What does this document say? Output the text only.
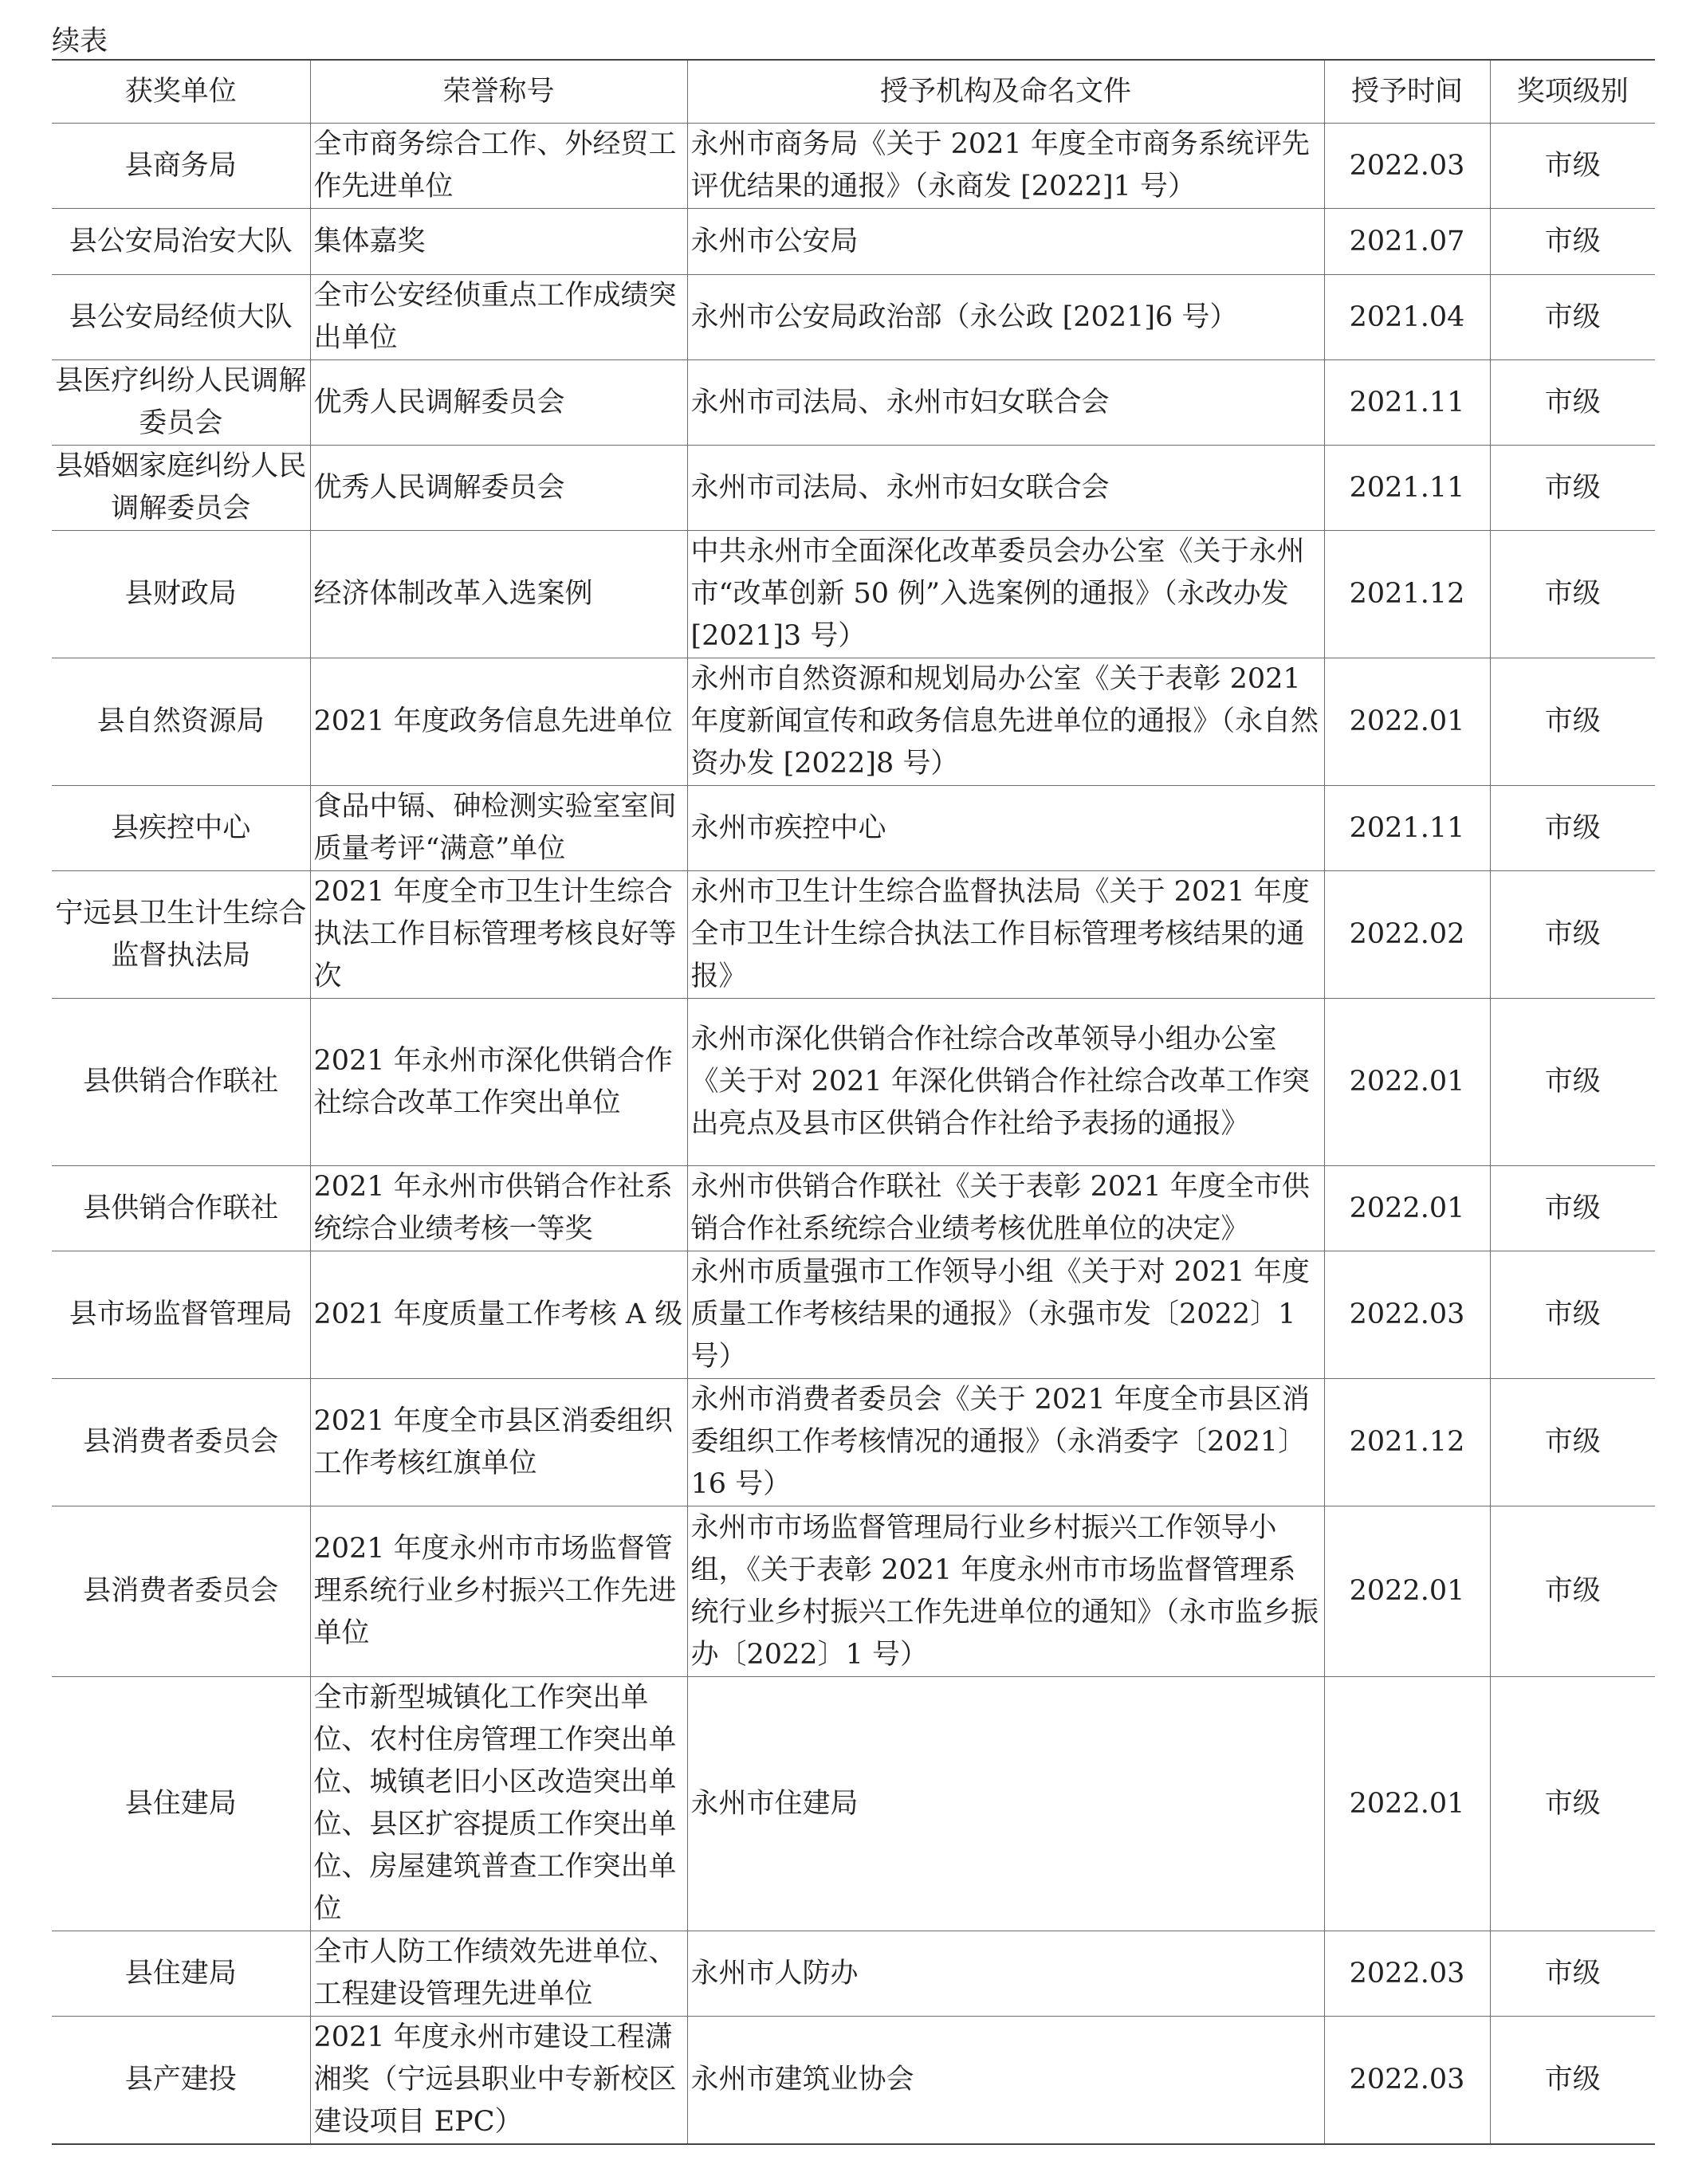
续表
获奖单位	荣誉称号	授予机构及命名文件	授予时间	奖项级别
县商务局	全市商务综合工作、外经贸工作先进单位	永州市商务局《关于 2021 年度全市商务系统评先评优结果的通报》（永商发 [2022]1 号）	2022.03	市级
县公安局治安大队	集体嘉奖	永州市公安局	2021.07	市级
县公安局经侦大队	全市公安经侦重点工作成绩突出单位	永州市公安局政治部（永公政 [2021]6 号）	2021.04	市级
县医疗纠纷人民调解委员会	优秀人民调解委员会	永州市司法局、永州市妇女联合会	2021.11	市级
县婚姻家庭纠纷人民调解委员会	优秀人民调解委员会	永州市司法局、永州市妇女联合会	2021.11	市级
县财政局	经济体制改革入选案例	中共永州市全面深化改革委员会办公室《关于永州市“改革创新 50 例”入选案例的通报》（永改办发 [2021]3 号）	2021.12	市级
县自然资源局	2021 年度政务信息先进单位	永州市自然资源和规划局办公室《关于表彰 2021 年度新闻宣传和政务信息先进单位的通报》（永自然资办发 [2022]8 号）	2022.01	市级
县疾控中心	食品中镉、砷检测实验室室间质量考评“满意”单位	永州市疾控中心	2021.11	市级
宁远县卫生计生综合监督执法局	2021 年度全市卫生计生综合执法工作目标管理考核良好等次	永州市卫生计生综合监督执法局《关于 2021 年度全市卫生计生综合执法工作目标管理考核结果的通报》	2022.02	市级
县供销合作联社	2021 年永州市深化供销合作社综合改革工作突出单位	永州市深化供销合作社综合改革领导小组办公室《关于对 2021 年深化供销合作社综合改革工作突出亮点及县市区供销合作社给予表扬的通报》	2022.01	市级
县供销合作联社	2021 年永州市供销合作社系统综合业绩考核一等奖	永州市供销合作联社《关于表彰 2021 年度全市供销合作社系统综合业绩考核优胜单位的决定》	2022.01	市级
县市场监督管理局	2021 年度质量工作考核 A 级	永州市质量强市工作领导小组《关于对 2021 年度质量工作考核结果的通报》（永强市发〔2022〕1 号）	2022.03	市级
县消费者委员会	2021 年度全市县区消委组织工作考核红旗单位	永州市消费者委员会《关于 2021 年度全市县区消委组织工作考核情况的通报》（永消委字〔2021〕16 号）	2021.12	市级
县消费者委员会	2021 年度永州市市场监督管理系统行业乡村振兴工作先进单位	永州市市场监督管理局行业乡村振兴工作领导小组，《关于表彰 2021 年度永州市市场监督管理系统行业乡村振兴工作先进单位的通知》（永市监乡振办〔2022〕1 号）	2022.01	市级
县住建局	全市新型城镇化工作突出单位、农村住房管理工作突出单位、城镇老旧小区改造突出单位、县区扩容提质工作突出单位、房屋建筑普查工作突出单位	永州市住建局	2022.01	市级
县住建局	全市人防工作绩效先进单位、工程建设管理先进单位	永州市人防办	2022.03	市级
县产建投	2021 年度永州市建设工程潇湘奖（宁远县职业中专新校区建设项目 EPC）	永州市建筑业协会	2022.03	市级
